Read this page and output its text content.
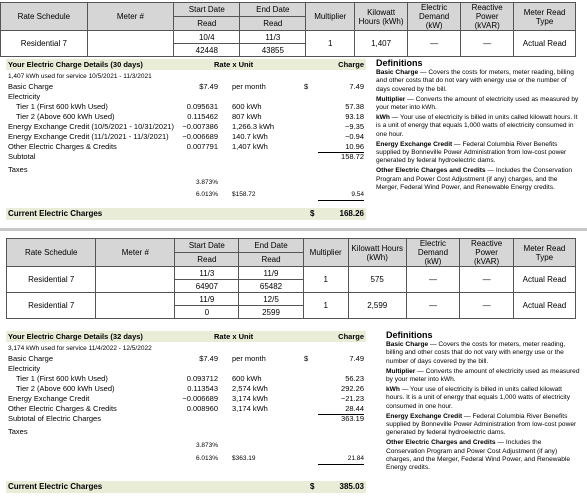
Rate Schedule	Meter #	Start Date	End Date	Multiplier	Kilowatt Hours (kWh)	Electric Demand (kW)	Reactive Power (kVAR)	Meter Read Type
		Read	Read					
Residential 7		10/4	11/3	1	1,407	—	—	Actual Read
		42448	43855					
Your Electric Charge Details (30 days)	Rate x Unit	Charge
1,407 kWh used for service 10/5/2021 - 11/3/2021
Basic Charge	$7.49 per month	$	7.49
Electricity
Tier 1 (First 600 kWh Used)	0.095631 600 kWh	57.38
Tier 2 (Above 600 kWh Used)	0.115462 807 kWh	93.18
Energy Exchange Credit (10/5/2021 - 10/31/2021)	−0.007386 1,266.3 kWh	−9.35
Energy Exchange Credit (11/1/2021 - 11/3/2021)	−0.006689 140.7 kWh	−0.94
Other Electric Charges & Credits	0.007791 1,407 kWh	10.96
Subtotal	158.72
Taxes
3.873%
6.013% $158.72	9.54
Current Electric Charges	$	168.26
Definitions

Basic Charge — Covers the costs for meters, meter reading, billing and other costs that do not vary with energy use or the number of days covered by the bill.

Multiplier — Converts the amount of electricity used as measured by your meter into kWh.

kWh — Your use of electricity is billed in units called kilowatt hours. It is a unit of energy that equals 1,000 watts of electricity consumed in one hour.

Energy Exchange Credit — Federal Columbia River Benefits supplied by Bonneville Power Administration from low-cost power generated by federal hydroelectric dams.

Other Electric Charges and Credits — Includes the Conservation Program and Power Cost Adjustment (if any) charges, and the Merger, Federal Wind Power, and Renewable Energy credits.

Rate Schedule	Meter #	Start Date	End Date	Multiplier	Kilowatt Hours (kWh)	Electric Demand (kW)	Reactive Power (kVAR)	Meter Read Type
		Read	Read					
Residential 7		11/3	11/9	1	575	—	—	Actual Read
		64907	65482					
Residential 7		11/9	12/5	1	2,599	—	—	Actual Read
		0	2599					
Your Electric Charge Details (32 days)	Rate x Unit	Charge
3,174 kWh used for service 11/4/2022 - 12/5/2022
Basic Charge	$7.49 per month	$	7.49
Electricity
Tier 1 (First 600 kWh Used)	0.093712 600 kWh	56.23
Tier 2 (Above 600 kWh Used)	0.113543 2,574 kWh	292.26
Energy Exchange Credit	−0.006689 3,174 kWh	−21.23
Other Electric Charges & Credits	0.008960 3,174 kWh	28.44
Subtotal of Electric Charges	363.19
Taxes
3.873%
6.013% $363.19	21.84
Current Electric Charges	$	385.03
Definitions

Basic Charge — Covers the costs for meters, meter reading, billing and other costs that do not vary with energy use or the number of days covered by the bill.

Multiplier — Converts the amount of electricity used as measured by your meter into kWh.

kWh — Your use of electricity is billed in units called kilowatt hours. It is a unit of energy that equals 1,000 watts of electricity consumed in one hour.

Energy Exchange Credit — Federal Columbia River Benefits supplied by Bonneville Power Administration from low-cost power generated by federal hydroelectric dams.

Other Electric Charges and Credits — Includes the Conservation Program and Power Cost Adjustment (if any) charges, and the Merger, Federal Wind Power, and Renewable Energy credits.
